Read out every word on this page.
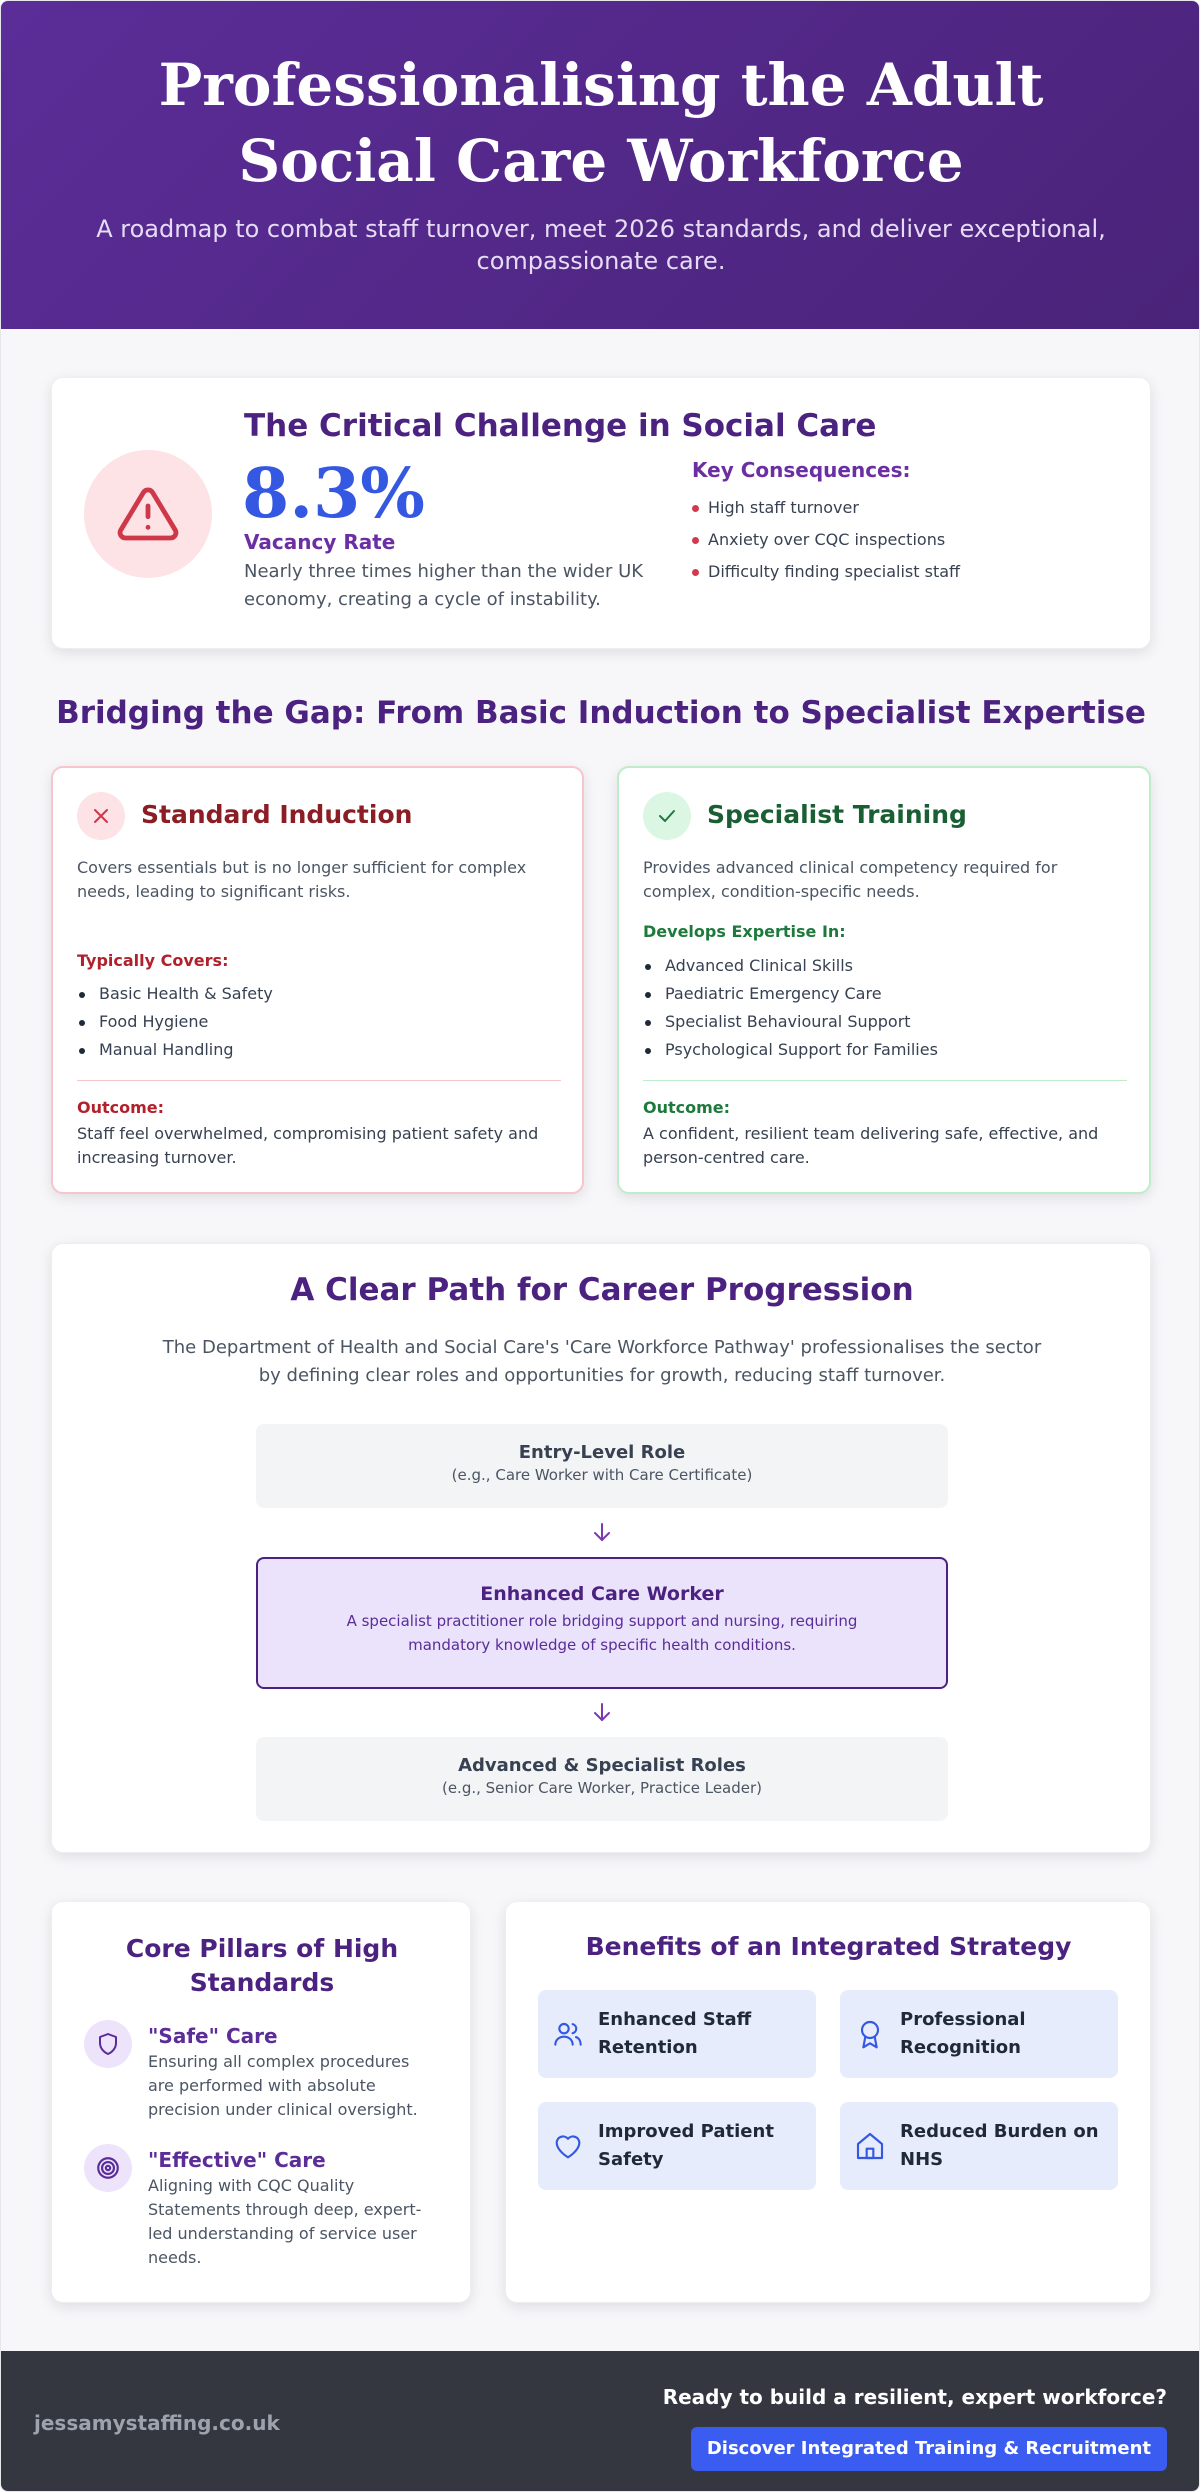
Professionalising the Adult Social Care Workforce

A roadmap to combat staff turnover, meet 2026 standards, and deliver exceptional, compassionate care.

The Critical Challenge in Social Care
8.3%
Vacancy Rate

Nearly three times higher than the wider UK economy, creating a cycle of instability.

Key Consequences:
High staff turnover
Anxiety over CQC inspections
Difficulty finding specialist staff
Bridging the Gap: From Basic Induction to Specialist Expertise
Standard Induction

Covers essentials but is no longer sufficient for complex needs, leading to significant risks.

Typically Covers:
Basic Health & Safety
Food Hygiene
Manual Handling
Outcome:

Staff feel overwhelmed, compromising patient safety and increasing turnover.

Specialist Training

Provides advanced clinical competency required for complex, condition-specific needs.

Develops Expertise In:
Advanced Clinical Skills
Paediatric Emergency Care
Specialist Behavioural Support
Psychological Support for Families
Outcome:

A confident, resilient team delivering safe, effective, and person-centred care.

A Clear Path for Career Progression

The Department of Health and Social Care's 'Care Workforce Pathway' professionalises the sector by defining clear roles and opportunities for growth, reducing staff turnover.

Entry-Level Role
(e.g., Care Worker with Care Certificate)
Enhanced Care Worker
A specialist practitioner role bridging support and nursing, requiring mandatory knowledge of specific health conditions.
Advanced & Specialist Roles
(e.g., Senior Care Worker, Practice Leader)
Core Pillars of High Standards
"Safe" Care

Ensuring all complex procedures are performed with absolute precision under clinical oversight.

"Effective" Care

Aligning with CQC Quality Statements through deep, expert-led understanding of service user needs.

Benefits of an Integrated Strategy
Enhanced Staff Retention
Professional Recognition
Improved Patient Safety
Reduced Burden on NHS
jessamystaffing.co.uk
Ready to build a resilient, expert workforce?
Discover Integrated Training & Recruitment
